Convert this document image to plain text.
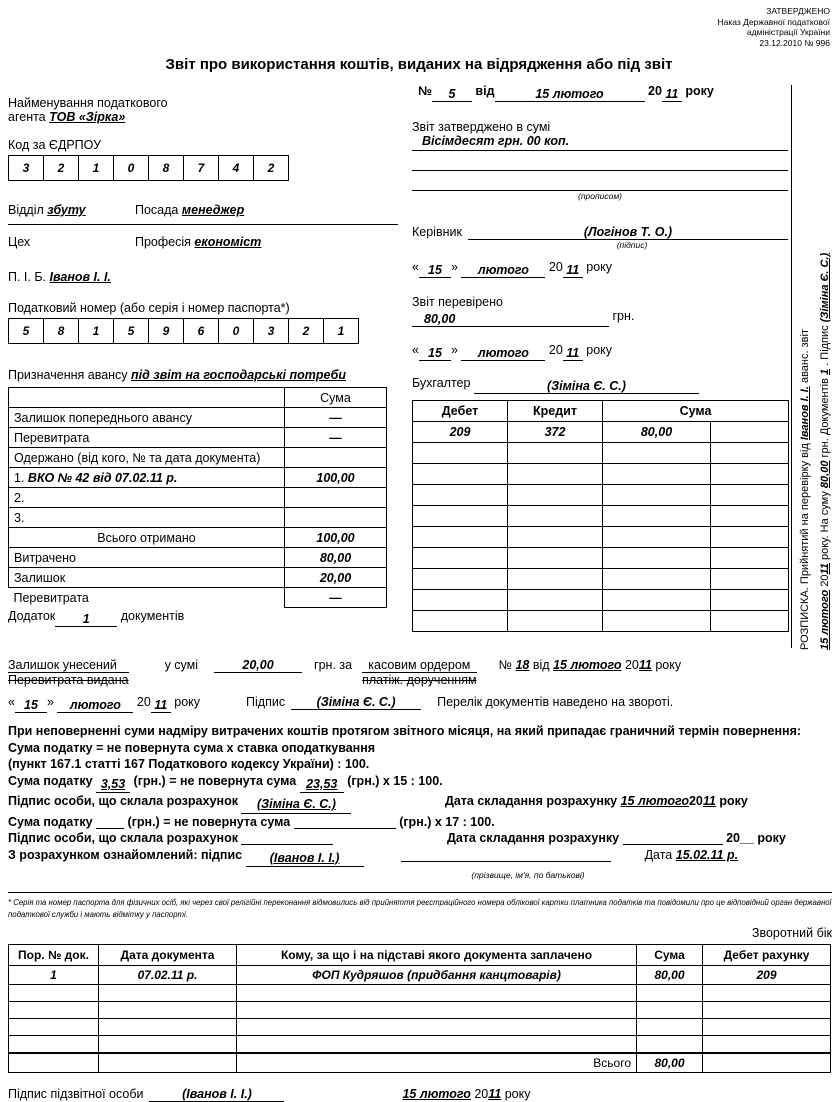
ЗАТВЕРДЖЕНО
Наказ Державної податкової
адміністрації України
23.12.2010 № 996
Звіт про використання коштів, виданих на відрядження або під звіт
Найменування податкового
агента ТОВ «Зірка»
Код за ЄДРПОУ
3	2	1	0	8	7	4	2
Відділ збуту	Посада менеджер
Цех	Професія економіст
П. І. Б. Іванов І. І.
Податковий номер (або серія і номер паспорта*)
5	8	1	5	9	6	0	3	2	1
Призначення авансу під звіт на господарські потреби
	Сума
Залишок попереднього авансу	—
Перевитрата	—
Одержано (від кого, № та дата документа)	
1. ВКО № 42 від 07.02.11 р.	100,00
2.	
3.	
Всього отримано	100,00
Витрачено	80,00
Залишок	20,00
Перевитрата	—
Додаток 1 документів
№ 5 від	15 лютого	20 11 року
Звіт затверджено в сумі
Вісімдесят грн. 00 коп.
(прописом)
Керівник	(Логінов Т. О.)
(підпис)
« 15 » лютого 20 11 року
Звіт перевірено
80,00	грн.
« 15 » лютого 20 11 року
Бухгалтер	(Зіміна Є. С.)
Дебет	Кредит	Сума	
209	372	80,00	

РОЗПИСКА. Прийнятий на перевірку від Іванов І. І. аванс. звіт
15 лютого 2011 року. На суму 80,00 грн. Документів 1 . Підпис (Зіміна Є. С.)
Залишок унесений
Перевитрата видана
у сумі	20,00	грн. за	касовим ордером
платіж. дорученням
№ 18 від 15 лютого 2011 року
« 15 » лютого 20 11 року	Підпис	(Зіміна Є. С.)	Перелік документів наведено на звороті.
При неповерненні суми надміру витрачених коштів протягом звітного місяця, на який припадає граничний термін повернення:
Сума податку = не повернута сума х ставка оподаткування
(пункт 167.1 статті 167 Податкового кодексу України) : 100.
Сума податку 3,53 (грн.) = не повернута сума 23,53 (грн.) х 15 : 100.
Підпис особи, що склала розрахунок (Зіміна Є. С.)	Дата складання розрахунку 15 лютого2011 року
Сума податку	(грн.) = не повернута сума	(грн.) х 17 : 100.
Підпис особи, що склала розрахунок	Дата складання розрахунку	20__ року
З розрахунком ознайомлений: підпис (Іванов І. І.)	Дата 15.02.11 р.
(прізвище, ім'я, по батькові)
* Серія та номер паспорта для фізичних осіб, які через свої релігійні переконання відмовились від прийняття реєстраційного номера облікової картки платника податків та повідомили про це відповідний орган державної податкової служби і мають відмітку у паспорті.
Зворотний бік
Пор. № док.	Дата документа	Кому, за що і на підставі якого документа заплачено	Сума	Дебет рахунку
1	07.02.11 р.	ФОП Кудряшов (придбання канцтоварів)	80,00	209

		Всього	80,00	
Підпис підзвітної особи	(Іванов І. І.)	15 лютого 2011 року
